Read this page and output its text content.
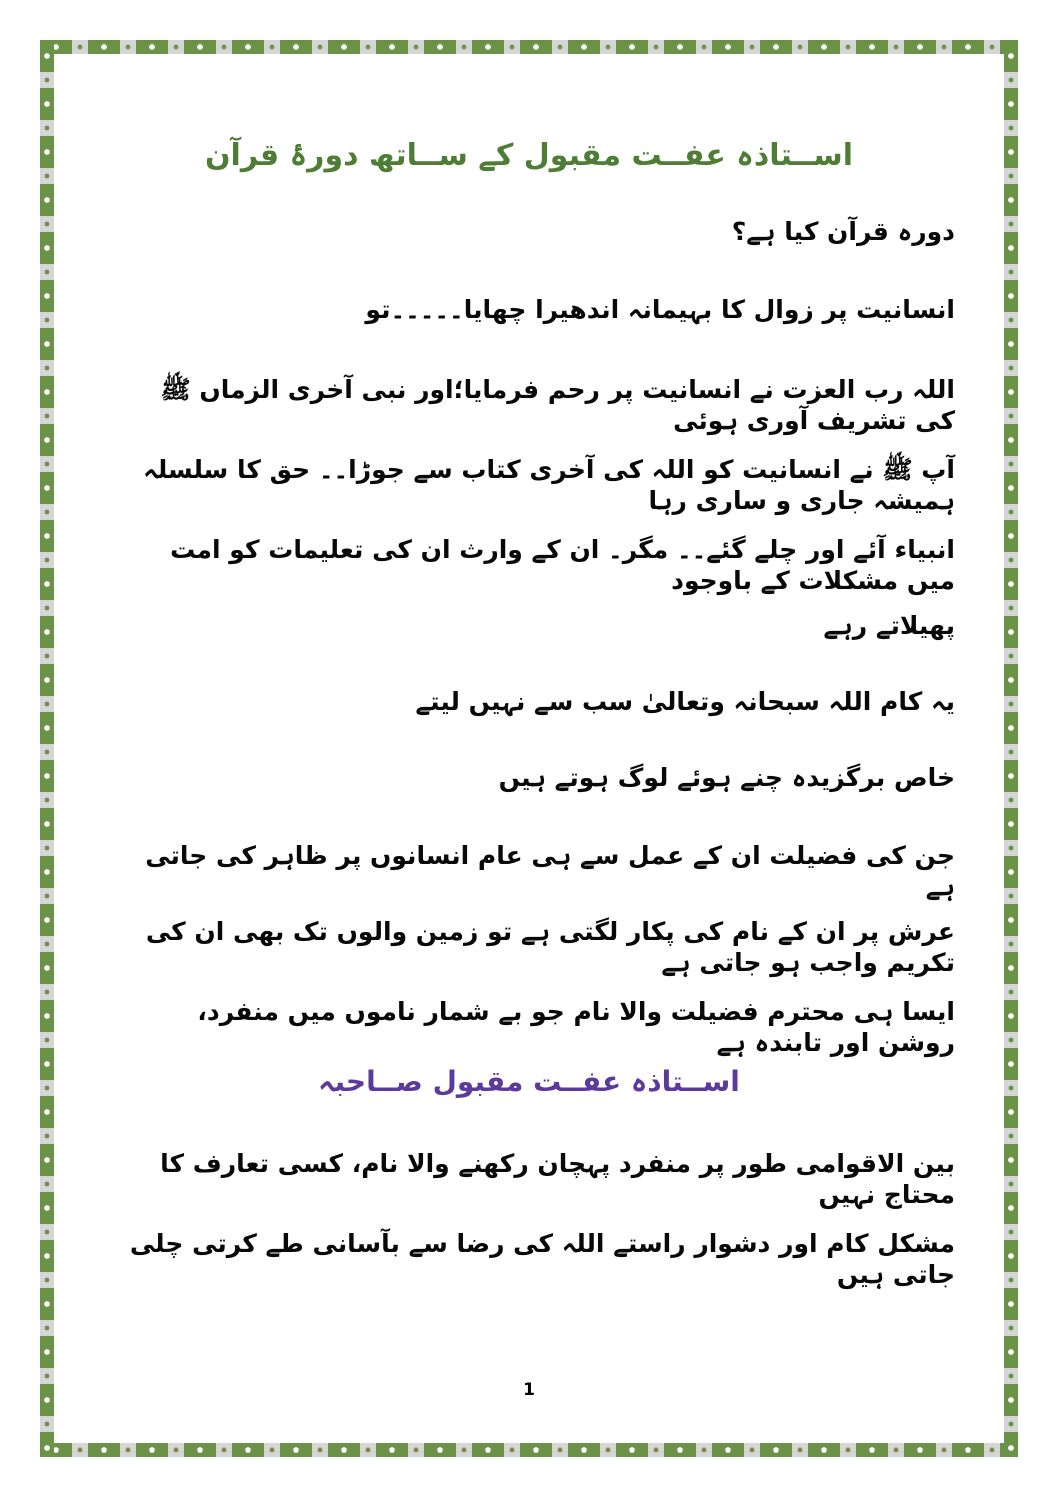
اســتاذہ عفــت مقبول کے ســاتھ دورۂ قرآن
دورہ قرآن کیا ہے؟
انسانیت پر زوال کا بہیمانہ اندھیرا چھایا۔۔۔۔۔تو
اللہ رب العزت نے انسانیت پر رحم فرمایا؛اور نبی آخری الزماں ﷺ کی تشریف آوری ہوئی
آپ ﷺ نے انسانیت کو اللہ کی آخری کتاب سے جوڑا۔۔ حق کا سلسلہ ہمیشہ جاری و ساری رہا
انبیاء آئے اور چلے گئے۔۔ مگر۔ ان کے وارث ان کی تعلیمات کو امت میں مشکلات کے باوجود
پھیلاتے رہے
یہ کام اللہ سبحانہ وتعالیٰ سب سے نہیں لیتے
خاص برگزیدہ چنے ہوئے لوگ ہوتے ہیں
جن کی فضیلت ان کے عمل سے ہی عام انسانوں پر ظاہر کی جاتی ہے
عرش پر ان کے نام کی پکار لگتی ہے تو زمین والوں تک بھی ان کی تکریم واجب ہو جاتی ہے
ایسا ہی محترم فضیلت والا نام جو بے شمار ناموں میں منفرد، روشن اور تابندہ ہے
اســتاذہ عفــت مقبول صــاحبہ
بین الاقوامی طور پر منفرد پہچان رکھنے والا نام، کسی تعارف کا محتاج نہیں
مشکل کام اور دشوار راستے اللہ کی رضا سے بآسانی طے کرتی چلی جاتی ہیں
1
